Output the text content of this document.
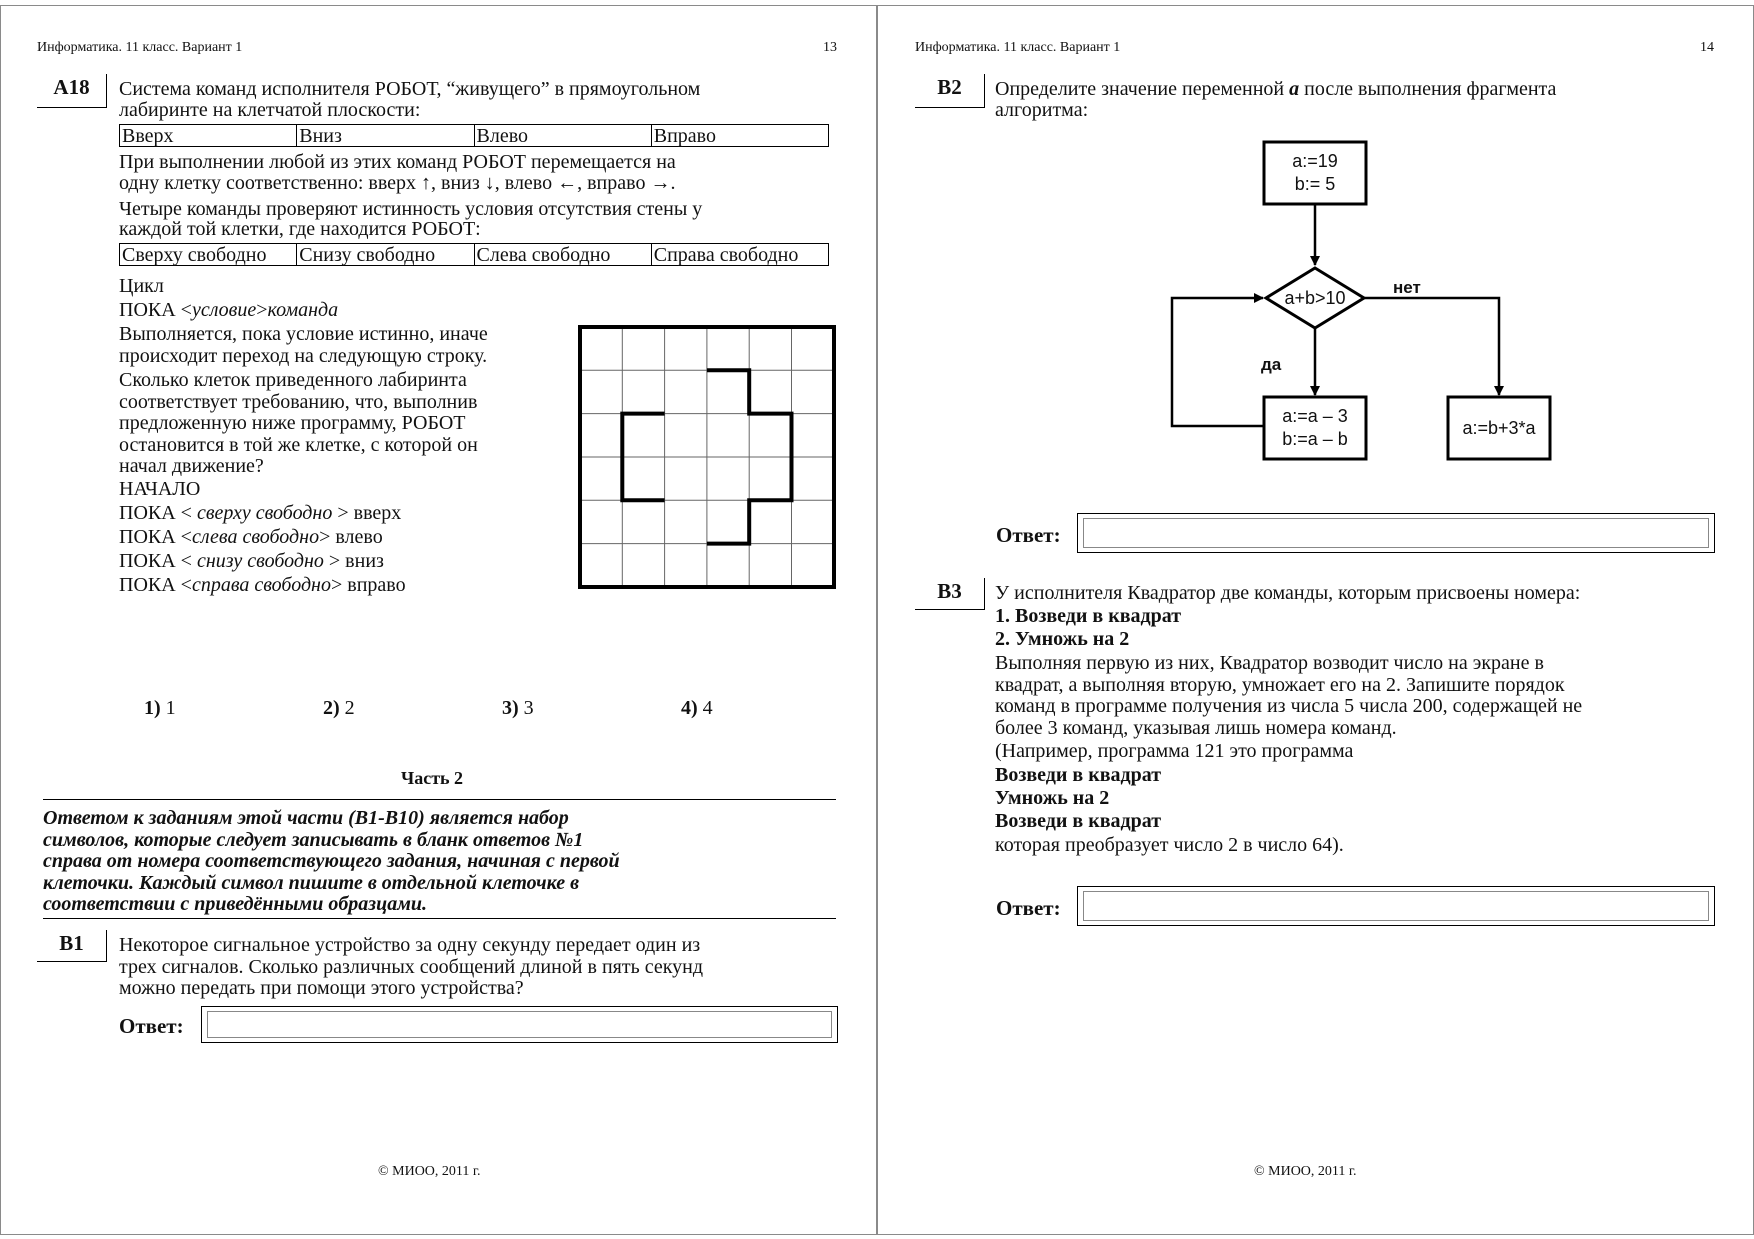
Информатика. 11 класс. Вариант 1	13
A18	Система команд исполнителя РОБОТ, “живущего” в прямоугольном
лабиринте на клетчатой плоскости:
Вверх	Вниз	Влево	Вправо
При выполнении любой из этих команд РОБОТ перемещается на
одну клетку соответственно: вверх ↑, вниз ↓, влево ←, вправо →.
Четыре команды проверяют истинность условия отсутствия стены у
каждой той клетки, где находится РОБОТ:
Сверху свободно	Снизу свободно	Слева свободно	Справа свободно
Цикл
ПОКА <условие>команда
Выполняется, пока условие истинно, иначе
происходит переход на следующую строку.
Сколько клеток приведенного лабиринта
соответствует требованию, что, выполнив
предложенную ниже программу, РОБОТ
остановится в той же клетке, с которой он
начал движение?
НАЧАЛО
ПОКА < сверху свободно > вверх
ПОКА <слева свободно> влево
ПОКА < снизу свободно > вниз
ПОКА <справа свободно> вправо
1) 1	2) 2	3) 3	4) 4
Часть 2
Ответом к заданиям этой части (B1-B10) является набор
символов, которые следует записывать в бланк ответов №1
справа от номера соответствующего задания, начиная с первой
клеточки. Каждый символ пишите в отдельной клеточке в
соответствии с приведёнными образцами.
B1	Некоторое сигнальное устройство за одну секунду передает один из
трех сигналов. Сколько различных сообщений длиной в пять секунд
можно передать при помощи этого устройства?
Ответ:
© МИОО, 2011 г.
Информатика. 11 класс. Вариант 1	14
B2	Определите значение переменной a после выполнения фрагмента
алгоритма:
a:=19
b:= 5
a+b>10
нет
да
a:=a – 3
b:=a – b
a:=b+3*a
Ответ:
B3	У исполнителя Квадратор две команды, которым присвоены номера:
1. Возведи в квадрат
2. Умножь на 2
Выполняя первую из них, Квадратор возводит число на экране в
квадрат, а выполняя вторую, умножает его на 2. Запишите порядок
команд в программе получения из числа 5 числа 200, содержащей не
более 3 команд, указывая лишь номера команд.
(Например, программа 121 это программа
Возведи в квадрат
Умножь на 2
Возведи в квадрат
которая преобразует число 2 в число 64).
Ответ:
© МИОО, 2011 г.
